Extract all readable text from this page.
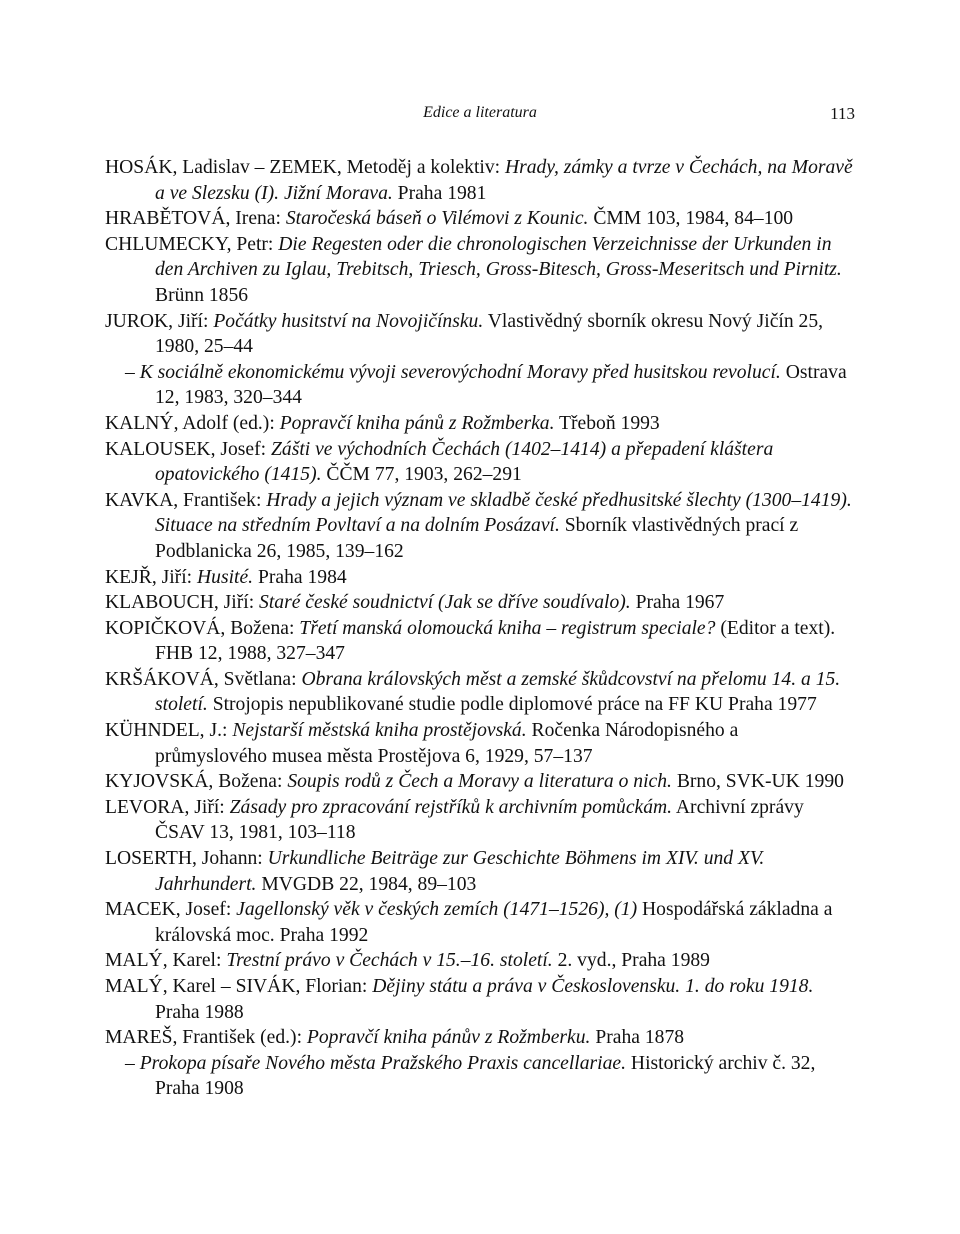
Edice a literatura	113

HOSÁK, Ladislav – ZEMEK, Metoděj a kolektiv: Hrady, zámky a tvrze v Čechách, na Moravě a ve Slezsku (I). Jižní Morava. Praha 1981

HRABĚTOVÁ, Irena: Staročeská báseň o Vilémovi z Kounic. ČMM 103, 1984, 84–100

CHLUMECKY, Petr: Die Regesten oder die chronologischen Verzeichnisse der Urkunden in den Archiven zu Iglau, Trebitsch, Triesch, Gross-Bitesch, Gross-Meseritsch und Pirnitz. Brünn 1856

JUROK, Jiří: Počátky husitství na Novojičínsku. Vlastivědný sborník okresu Nový Jičín 25, 1980, 25–44

– K sociálně ekonomickému vývoji severovýchodní Moravy před husitskou revolucí. Ostrava 12, 1983, 320–344

KALNÝ, Adolf (ed.): Popravčí kniha pánů z Rožmberka. Třeboň 1993

KALOUSEK, Josef: Zášti ve východních Čechách (1402–1414) a přepadení kláštera opatovického (1415). ČČM 77, 1903, 262–291

KAVKA, František: Hrady a jejich význam ve skladbě české předhusitské šlechty (1300–1419). Situace na středním Povltaví a na dolním Posázaví. Sborník vlastivědných prací z Podblanicka 26, 1985, 139–162

KEJŘ, Jiří: Husité. Praha 1984

KLABOUCH, Jiří: Staré české soudnictví (Jak se dříve soudívalo). Praha 1967

KOPIČKOVÁ, Božena: Třetí manská olomoucká kniha – registrum speciale? (Editor a text). FHB 12, 1988, 327–347

KRŠÁKOVÁ, Světlana: Obrana královských měst a zemské škůdcovství na přelomu 14. a 15. století. Strojopis nepublikované studie podle diplomové práce na FF KU Praha 1977

KÜHNDEL, J.: Nejstarší městská kniha prostějovská. Ročenka Národopisného a průmyslového musea města Prostějova 6, 1929, 57–137

KYJOVSKÁ, Božena: Soupis rodů z Čech a Moravy a literatura o nich. Brno, SVK-UK 1990

LEVORA, Jiří: Zásady pro zpracování rejstříků k archivním pomůckám. Archivní zprávy ČSAV 13, 1981, 103–118

LOSERTH, Johann: Urkundliche Beiträge zur Geschichte Böhmens im XIV. und XV. Jahrhundert. MVGDB 22, 1984, 89–103

MACEK, Josef: Jagellonský věk v českých zemích (1471–1526), (1) Hospodářská základna a královská moc. Praha 1992

MALÝ, Karel: Trestní právo v Čechách v 15.–16. století. 2. vyd., Praha 1989

MALÝ, Karel – SIVÁK, Florian: Dějiny státu a práva v Československu. 1. do roku 1918. Praha 1988

MAREŠ, František (ed.): Popravčí kniha pánův z Rožmberku. Praha 1878

– Prokopa písaře Nového města Pražského Praxis cancellariae. Historický archiv č. 32, Praha 1908
